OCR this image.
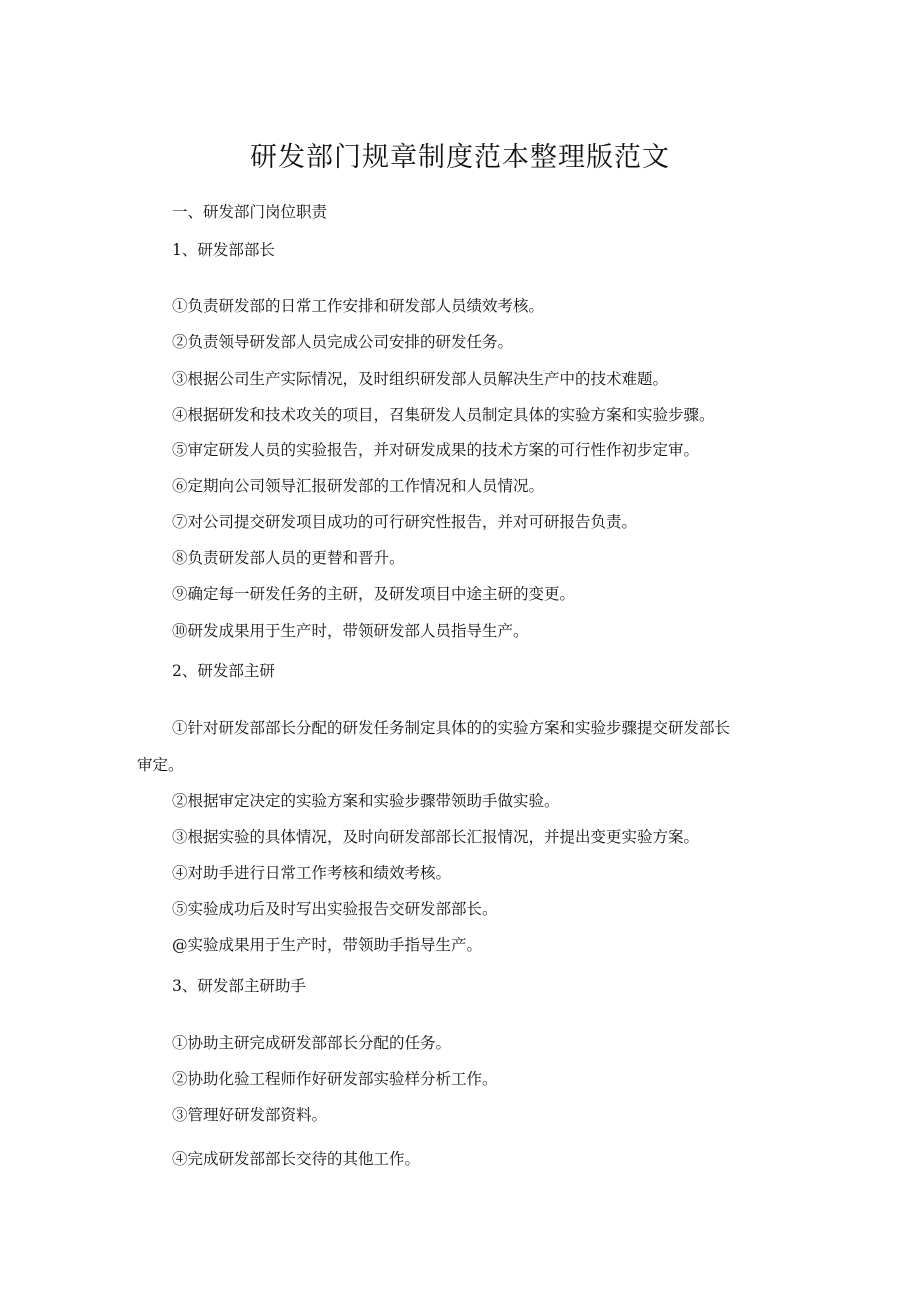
研发部门规章制度范本整理版范文
一、研发部门岗位职责
1、研发部部长
①负责研发部的日常工作安排和研发部人员绩效考核。
②负责领导研发部人员完成公司安排的研发任务。
③根据公司生产实际情况，及时组织研发部人员解决生产中的技术难题。
④根据研发和技术攻关的项目，召集研发人员制定具体的实验方案和实验步骤。
⑤审定研发人员的实验报告，并对研发成果的技术方案的可行性作初步定审。
⑥定期向公司领导汇报研发部的工作情况和人员情况。
⑦对公司提交研发项目成功的可行研究性报告，并对可研报告负责。
⑧负责研发部人员的更替和晋升。
⑨确定每一研发任务的主研，及研发项目中途主研的变更。
⑩研发成果用于生产时，带领研发部人员指导生产。
2、研发部主研
①针对研发部部长分配的研发任务制定具体的的实验方案和实验步骤提交研发部长
审定。
②根据审定决定的实验方案和实验步骤带领助手做实验。
③根据实验的具体情况，及时向研发部部长汇报情况，并提出变更实验方案。
④对助手进行日常工作考核和绩效考核。
⑤实验成功后及时写出实验报告交研发部部长。
@实验成果用于生产时，带领助手指导生产。
3、研发部主研助手
①协助主研完成研发部部长分配的任务。
②协助化验工程师作好研发部实验样分析工作。
③管理好研发部资料。
④完成研发部部长交待的其他工作。
